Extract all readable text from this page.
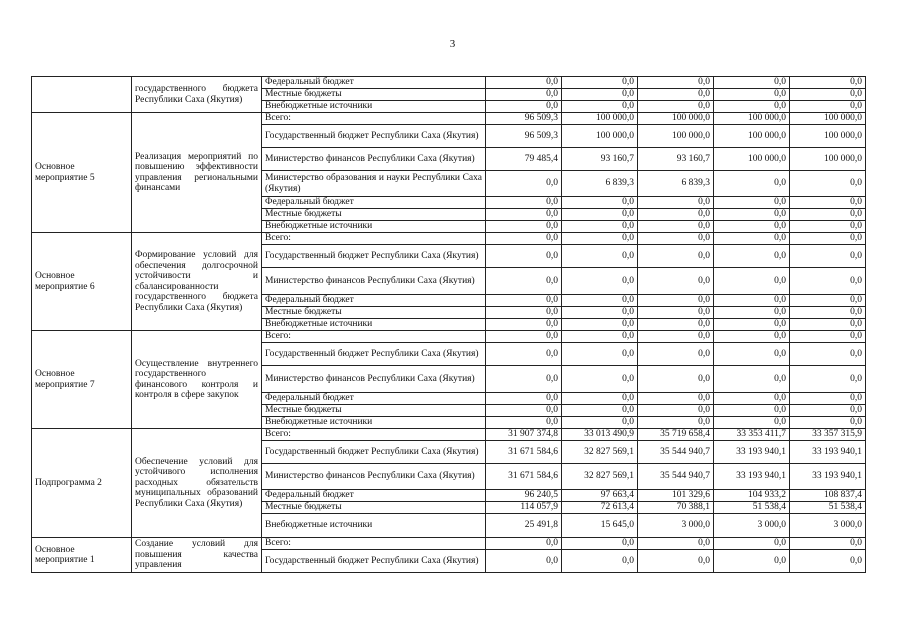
3
	государственного бюджета Республики Саха (Якутия)	Федеральный бюджет	0,0	0,0	0,0	0,0	0,0
		Местные бюджеты	0,0	0,0	0,0	0,0	0,0
		Внебюджетные источники	0,0	0,0	0,0	0,0	0,0
Основное мероприятие 5	Реализация мероприятий по повышению эффективности управления региональными финансами	Всего:	96 509,3	100 000,0	100 000,0	100 000,0	100 000,0
		Государственный бюджет Республики Саха (Якутия)	96 509,3	100 000,0	100 000,0	100 000,0	100 000,0
		Министерство финансов Республики Саха (Якутия)	79 485,4	93 160,7	93 160,7	100 000,0	100 000,0
		Министерство образования и науки Республики Саха (Якутия)	0,0	6 839,3	6 839,3	0,0	0,0
		Федеральный бюджет	0,0	0,0	0,0	0,0	0,0
		Местные бюджеты	0,0	0,0	0,0	0,0	0,0
		Внебюджетные источники	0,0	0,0	0,0	0,0	0,0
Основное мероприятие 6	Формирование условий для обеспечения долгосрочной устойчивости и сбалансированности государственного бюджета Республики Саха (Якутия)	Всего:	0,0	0,0	0,0	0,0	0,0
		Государственный бюджет Республики Саха (Якутия)	0,0	0,0	0,0	0,0	0,0
		Министерство финансов Республики Саха (Якутия)	0,0	0,0	0,0	0,0	0,0
		Федеральный бюджет	0,0	0,0	0,0	0,0	0,0
		Местные бюджеты	0,0	0,0	0,0	0,0	0,0
		Внебюджетные источники	0,0	0,0	0,0	0,0	0,0
Основное мероприятие 7	Осуществление внутреннего государственного финансового контроля и контроля в сфере закупок	Всего:	0,0	0,0	0,0	0,0	0,0
		Государственный бюджет Республики Саха (Якутия)	0,0	0,0	0,0	0,0	0,0
		Министерство финансов Республики Саха (Якутия)	0,0	0,0	0,0	0,0	0,0
		Федеральный бюджет	0,0	0,0	0,0	0,0	0,0
		Местные бюджеты	0,0	0,0	0,0	0,0	0,0
		Внебюджетные источники	0,0	0,0	0,0	0,0	0,0
Подпрограмма 2	Обеспечение условий для устойчивого исполнения расходных обязательств муниципальных образований Республики Саха (Якутия)	Всего:	31 907 374,8	33 013 490,9	35 719 658,4	33 353 411,7	33 357 315,9
		Государственный бюджет Республики Саха (Якутия)	31 671 584,6	32 827 569,1	35 544 940,7	33 193 940,1	33 193 940,1
		Министерство финансов Республики Саха (Якутия)	31 671 584,6	32 827 569,1	35 544 940,7	33 193 940,1	33 193 940,1
		Федеральный бюджет	96 240,5	97 663,4	101 329,6	104 933,2	108 837,4
		Местные бюджеты	114 057,9	72 613,4	70 388,1	51 538,4	51 538,4
		Внебюджетные источники	25 491,8	15 645,0	3 000,0	3 000,0	3 000,0
Основное мероприятие 1	Создание условий для повышения качества управления	Всего:	0,0	0,0	0,0	0,0	0,0
		Государственный бюджет Республики Саха (Якутия)	0,0	0,0	0,0	0,0	0,0
